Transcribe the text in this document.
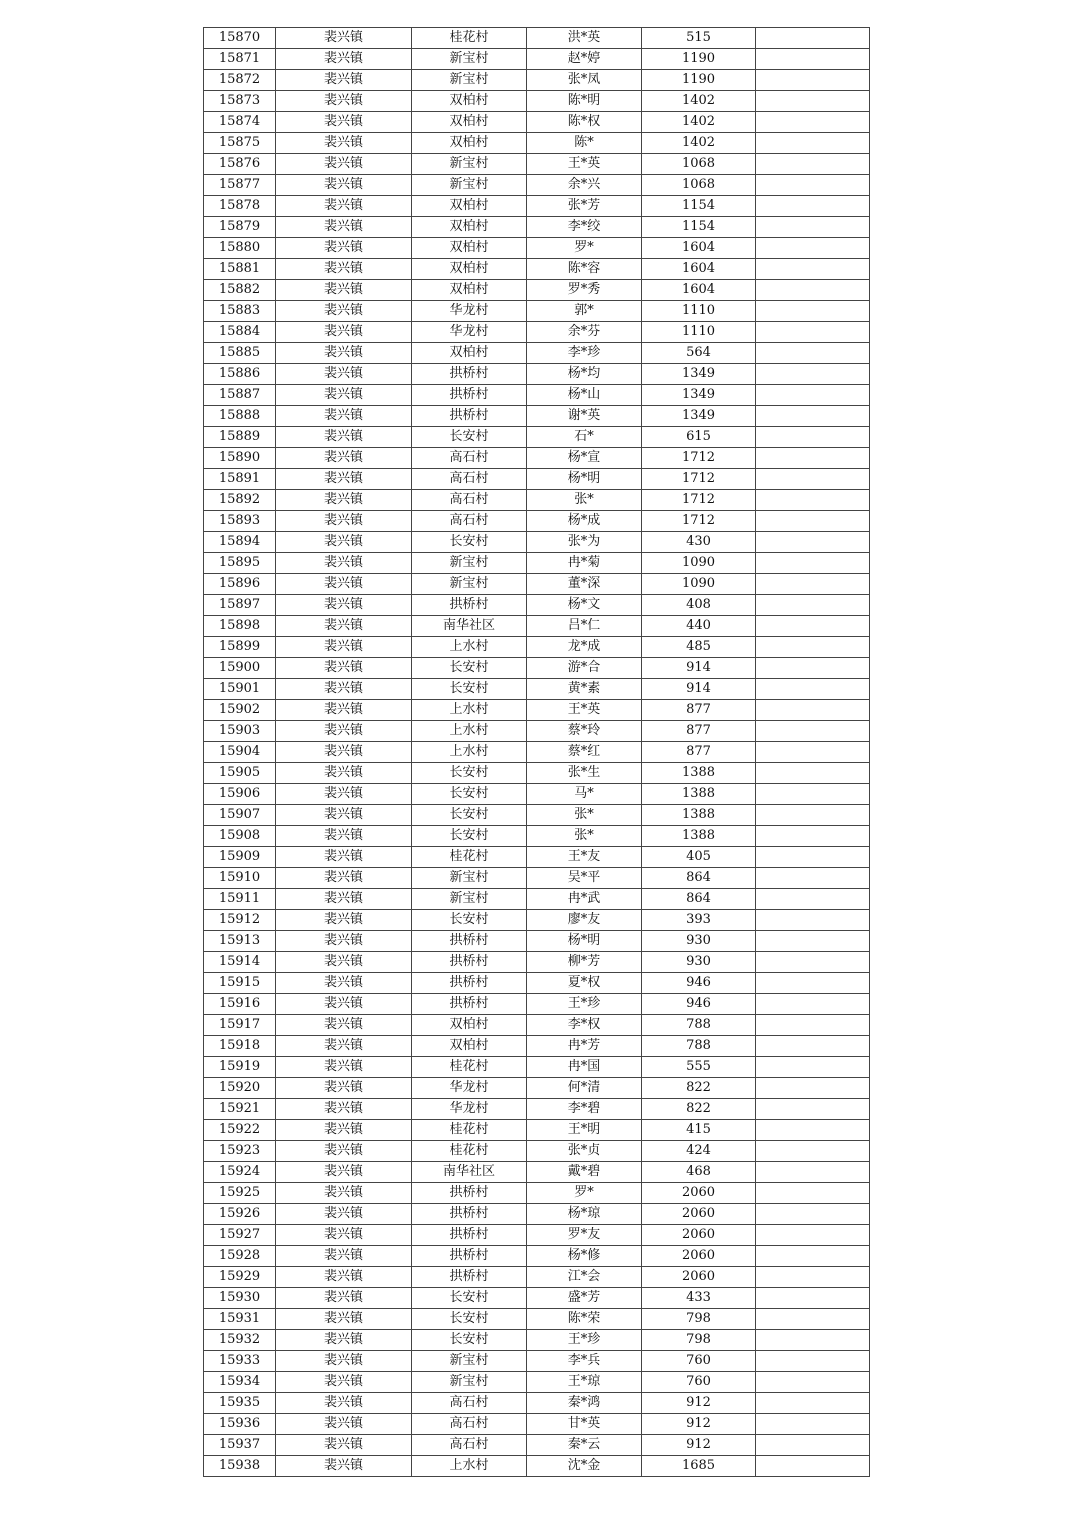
15870	裴兴镇	桂花村	洪*英	515	
15871	裴兴镇	新宝村	赵*婷	1190	
15872	裴兴镇	新宝村	张*凤	1190	
15873	裴兴镇	双柏村	陈*明	1402	
15874	裴兴镇	双柏村	陈*权	1402	
15875	裴兴镇	双柏村	陈*	1402	
15876	裴兴镇	新宝村	王*英	1068	
15877	裴兴镇	新宝村	余*兴	1068	
15878	裴兴镇	双柏村	张*芳	1154	
15879	裴兴镇	双柏村	李*绞	1154	
15880	裴兴镇	双柏村	罗*	1604	
15881	裴兴镇	双柏村	陈*容	1604	
15882	裴兴镇	双柏村	罗*秀	1604	
15883	裴兴镇	华龙村	郭*	1110	
15884	裴兴镇	华龙村	余*芬	1110	
15885	裴兴镇	双柏村	李*珍	564	
15886	裴兴镇	拱桥村	杨*均	1349	
15887	裴兴镇	拱桥村	杨*山	1349	
15888	裴兴镇	拱桥村	谢*英	1349	
15889	裴兴镇	长安村	石*	615	
15890	裴兴镇	高石村	杨*宣	1712	
15891	裴兴镇	高石村	杨*明	1712	
15892	裴兴镇	高石村	张*	1712	
15893	裴兴镇	高石村	杨*成	1712	
15894	裴兴镇	长安村	张*为	430	
15895	裴兴镇	新宝村	冉*菊	1090	
15896	裴兴镇	新宝村	董*深	1090	
15897	裴兴镇	拱桥村	杨*文	408	
15898	裴兴镇	南华社区	吕*仁	440	
15899	裴兴镇	上水村	龙*成	485	
15900	裴兴镇	长安村	游*合	914	
15901	裴兴镇	长安村	黄*素	914	
15902	裴兴镇	上水村	王*英	877	
15903	裴兴镇	上水村	蔡*玲	877	
15904	裴兴镇	上水村	蔡*红	877	
15905	裴兴镇	长安村	张*生	1388	
15906	裴兴镇	长安村	马*	1388	
15907	裴兴镇	长安村	张*	1388	
15908	裴兴镇	长安村	张*	1388	
15909	裴兴镇	桂花村	王*友	405	
15910	裴兴镇	新宝村	吴*平	864	
15911	裴兴镇	新宝村	冉*武	864	
15912	裴兴镇	长安村	廖*友	393	
15913	裴兴镇	拱桥村	杨*明	930	
15914	裴兴镇	拱桥村	柳*芳	930	
15915	裴兴镇	拱桥村	夏*权	946	
15916	裴兴镇	拱桥村	王*珍	946	
15917	裴兴镇	双柏村	李*权	788	
15918	裴兴镇	双柏村	冉*芳	788	
15919	裴兴镇	桂花村	冉*国	555	
15920	裴兴镇	华龙村	何*清	822	
15921	裴兴镇	华龙村	李*碧	822	
15922	裴兴镇	桂花村	王*明	415	
15923	裴兴镇	桂花村	张*贞	424	
15924	裴兴镇	南华社区	戴*碧	468	
15925	裴兴镇	拱桥村	罗*	2060	
15926	裴兴镇	拱桥村	杨*琼	2060	
15927	裴兴镇	拱桥村	罗*友	2060	
15928	裴兴镇	拱桥村	杨*修	2060	
15929	裴兴镇	拱桥村	江*会	2060	
15930	裴兴镇	长安村	盛*芳	433	
15931	裴兴镇	长安村	陈*荣	798	
15932	裴兴镇	长安村	王*珍	798	
15933	裴兴镇	新宝村	李*兵	760	
15934	裴兴镇	新宝村	王*琼	760	
15935	裴兴镇	高石村	秦*鸿	912	
15936	裴兴镇	高石村	甘*英	912	
15937	裴兴镇	高石村	秦*云	912	
15938	裴兴镇	上水村	沈*金	1685	
